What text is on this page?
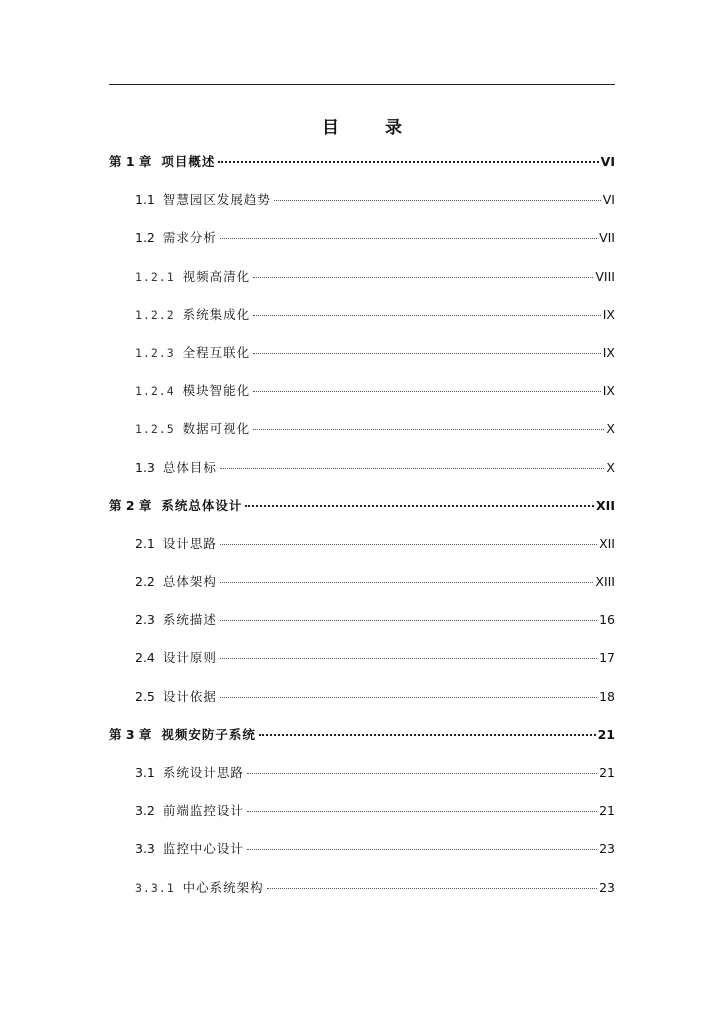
目 录
第 1 章 项目概述	VI
1.1 智慧园区发展趋势	VI
1.2 需求分析	VII
1.2.1 视频高清化	VIII
1.2.2 系统集成化	IX
1.2.3 全程互联化	IX
1.2.4 模块智能化	IX
1.2.5 数据可视化	X
1.3 总体目标	X
第 2 章 系统总体设计	XII
2.1 设计思路	XII
2.2 总体架构	XIII
2.3 系统描述	16
2.4 设计原则	17
2.5 设计依据	18
第 3 章 视频安防子系统	21
3.1 系统设计思路	21
3.2 前端监控设计	21
3.3 监控中心设计	23
3.3.1 中心系统架构	23
